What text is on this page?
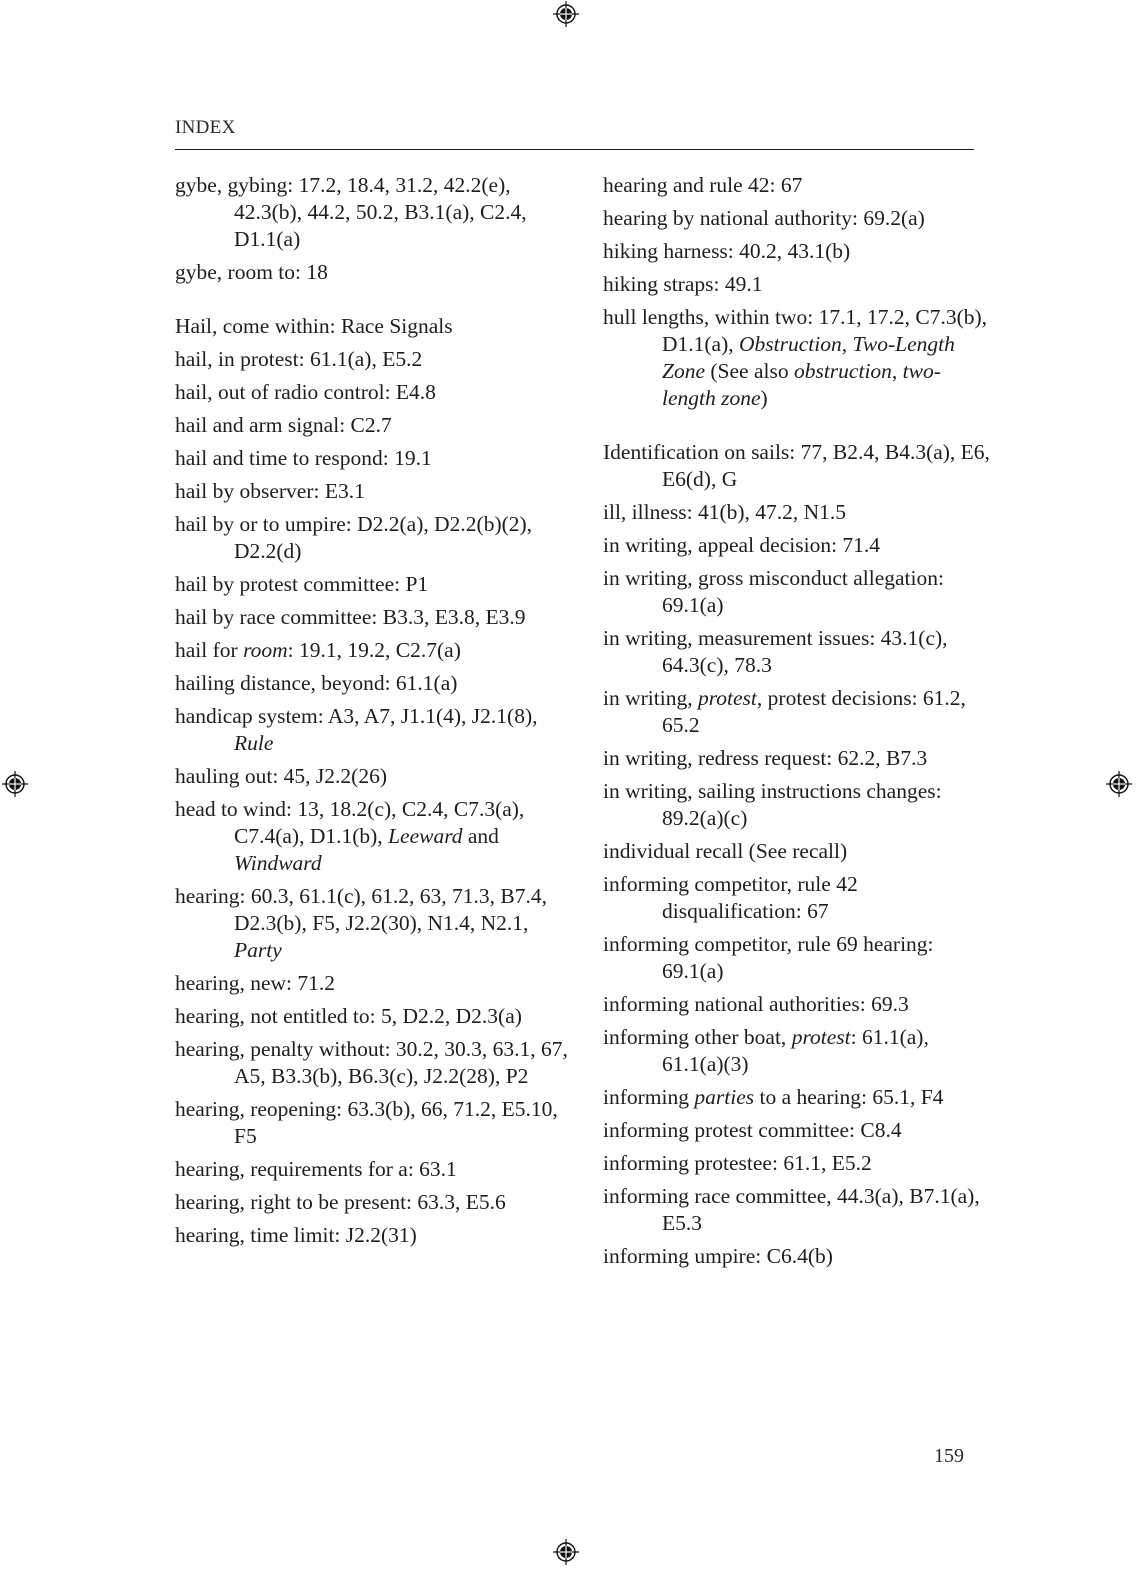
INDEX
gybe, gybing: 17.2, 18.4, 31.2, 42.2(e), 42.3(b), 44.2, 50.2, B3.1(a), C2.4, D1.1(a)
gybe, room to: 18
Hail, come within: Race Signals
hail, in protest: 61.1(a), E5.2
hail, out of radio control: E4.8
hail and arm signal: C2.7
hail and time to respond: 19.1
hail by observer: E3.1
hail by or to umpire: D2.2(a), D2.2(b)(2), D2.2(d)
hail by protest committee: P1
hail by race committee: B3.3, E3.8, E3.9
hail for room: 19.1, 19.2, C2.7(a)
hailing distance, beyond: 61.1(a)
handicap system: A3, A7, J1.1(4), J2.1(8), Rule
hauling out: 45, J2.2(26)
head to wind: 13, 18.2(c), C2.4, C7.3(a), C7.4(a), D1.1(b), Leeward and Windward
hearing: 60.3, 61.1(c), 61.2, 63, 71.3, B7.4, D2.3(b), F5, J2.2(30), N1.4, N2.1, Party
hearing, new: 71.2
hearing, not entitled to: 5, D2.2, D2.3(a)
hearing, penalty without: 30.2, 30.3, 63.1, 67, A5, B3.3(b), B6.3(c), J2.2(28), P2
hearing, reopening: 63.3(b), 66, 71.2, E5.10, F5
hearing, requirements for a: 63.1
hearing, right to be present: 63.3, E5.6
hearing, time limit: J2.2(31)
hearing and rule 42: 67
hearing by national authority: 69.2(a)
hiking harness: 40.2, 43.1(b)
hiking straps: 49.1
hull lengths, within two: 17.1, 17.2, C7.3(b), D1.1(a), Obstruction, Two-Length Zone (See also obstruction, two-length zone)
Identification on sails: 77, B2.4, B4.3(a), E6, E6(d), G
ill, illness: 41(b), 47.2, N1.5
in writing, appeal decision: 71.4
in writing, gross misconduct allegation: 69.1(a)
in writing, measurement issues: 43.1(c), 64.3(c), 78.3
in writing, protest, protest decisions: 61.2, 65.2
in writing, redress request: 62.2, B7.3
in writing, sailing instructions changes: 89.2(a)(c)
individual recall (See recall)
informing competitor, rule 42 disqualification: 67
informing competitor, rule 69 hearing: 69.1(a)
informing national authorities: 69.3
informing other boat, protest: 61.1(a), 61.1(a)(3)
informing parties to a hearing: 65.1, F4
informing protest committee: C8.4
informing protestee: 61.1, E5.2
informing race committee, 44.3(a), B7.1(a), E5.3
informing umpire: C6.4(b)
159
